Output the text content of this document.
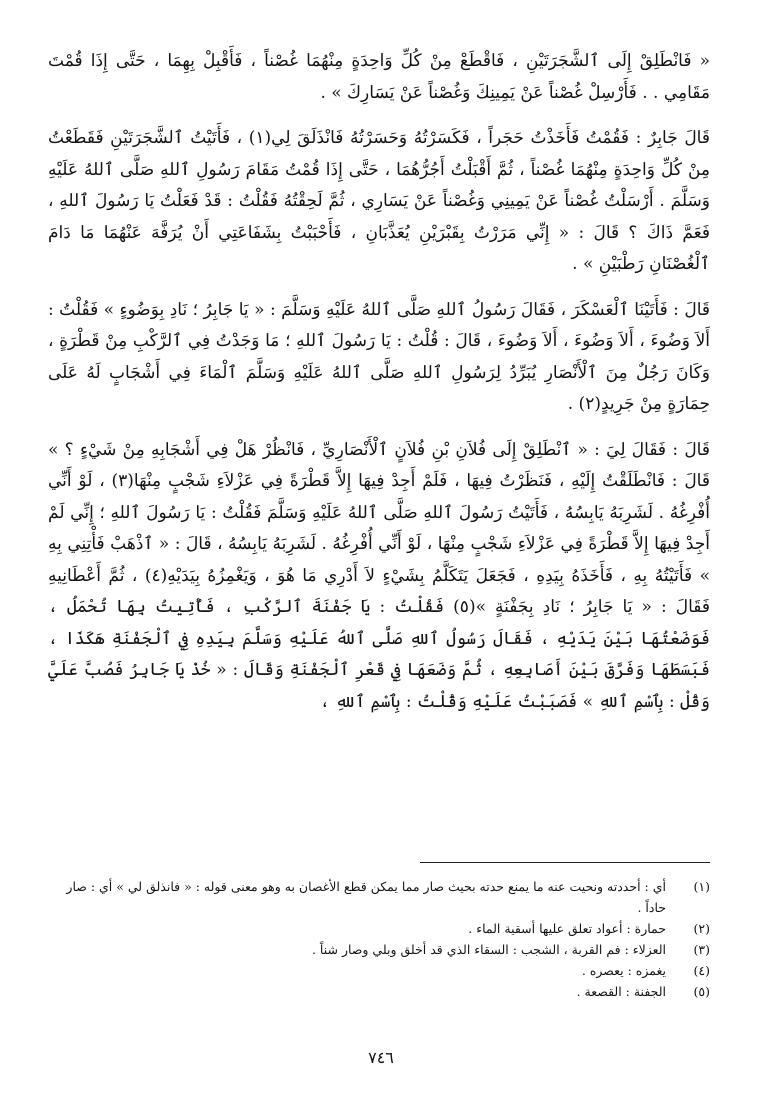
« فَانْطَلِقْ إِلَى ٱلشَّجَرَتَيْنِ ، فَاقْطَعْ مِنْ كُلِّ وَاحِدَةٍ مِنْهُمَا غُصْناً ، فَأَقْبِلْ بِهِمَا ، حَتَّى إِذَا قُمْتَ مَقَامِي . . فَأَرْسِلْ غُصْناً عَنْ يَمِينِكَ وَغُصْناً عَنْ يَسَارِكَ » .

قَالَ جَابِرٌ : فَقُمْتُ فَأَخَذْتُ حَجَراً ، فَكَسَرْتُهُ وَحَسَرْتُهُ فَانْذَلَقَ لِي(١) ، فَأَتَيْتُ ٱلشَّجَرَتَيْنِ فَقَطَعْتُ مِنْ كُلِّ وَاحِدَةٍ مِنْهُمَا غُصْناً ، ثُمَّ أَقْبَلْتُ أَجُرُّهُمَا ، حَتَّى إِذَا قُمْتُ مَقَامَ رَسُولِ ٱللهِ صَلَّى ٱللهُ عَلَيْهِ وَسَلَّمَ . أَرْسَلْتُ غُصْناً عَنْ يَمِينِي وَغُصْناً عَنْ يَسَارِي ، ثُمَّ لَحِقْتُهُ فَقُلْتُ : قَدْ فَعَلْتُ يَا رَسُولَ ٱللهِ ، فَعَمَّ ذَاكَ ؟ قَالَ : « إِنِّي مَرَرْتُ بِقَبْرَيْنِ يُعَذَّبَانِ ، فَأَحْبَبْتُ بِشَفَاعَتِي أَنْ يُرَفَّهَ عَنْهُمَا مَا دَامَ ٱلْغُصْنَانِ رَطْبَيْنِ » .

قَالَ : فَأَتَيْنَا ٱلْعَسْكَرَ ، فَقَالَ رَسُولُ ٱللهِ صَلَّى ٱللهُ عَلَيْهِ وَسَلَّمَ : « يَا جَابِرُ ؛ نَادِ بِوَضُوءٍ » فَقُلْتُ : أَلاَ وَضُوءَ ، أَلاَ وَضُوءَ ، أَلاَ وَضُوءَ ، قَالَ : قُلْتُ : يَا رَسُولَ ٱللهِ ؛ مَا وَجَدْتُ فِي ٱلرَّكْبِ مِنْ قَطْرَةٍ ، وَكَانَ رَجُلٌ مِنَ ٱلْأَنْصَارِ يُبَرِّدُ لِرَسُولِ ٱللهِ صَلَّى ٱللهُ عَلَيْهِ وَسَلَّمَ ٱلْمَاءَ فِي أَشْجَابٍ لَهُ عَلَى حِمَارَةٍ مِنْ جَرِيدٍ(٢) .

قَالَ : فَقَالَ لِيَ : « ٱنْطَلِقْ إِلَى فُلاَنِ بْنِ فُلاَنٍ ٱلْأَنْصَارِيِّ ، فَانْظُرْ هَلْ فِي أَشْجَابِهِ مِنْ شَيْءٍ ؟ » قَالَ : فَانْطَلَقْتُ إِلَيْهِ ، فَنَظَرْتُ فِيهَا ، فَلَمْ أَجِدْ فِيهَا إِلاَّ قَطْرَةً فِي عَزْلاَءِ شَجْبٍ مِنْهَا(٣) ، لَوْ أَنِّي أُفْرِغُهُ . لَشَرِبَهُ يَابِسُهُ ، فَأَتَيْتُ رَسُولَ ٱللهِ صَلَّى ٱللهُ عَلَيْهِ وَسَلَّمَ فَقُلْتُ : يَا رَسُولَ ٱللهِ ؛ إِنِّي لَمْ أَجِدْ فِيهَا إِلاَّ قَطْرَةً فِي عَزْلاَءِ شَجْبٍ مِنْهَا ، لَوْ أَنِّي أُفْرِغُهُ . لَشَرِبَهُ يَابِسُهُ ، قَالَ : « ٱذْهَبْ فَأْتِنِي بِهِ » فَأَتَيْتُهُ بِهِ ، فَأَخَذَهُ بِيَدِهِ ، فَجَعَلَ يَتَكَلَّمُ بِشَيْءٍ لاَ أَدْرِي مَا هُوَ ، وَيَغْمِزُهُ بِيَدَيْهِ(٤) ، ثُمَّ أَعْطَانِيهِ فَقَالَ : « يَا جَابِرُ ؛ نَادِ بِجَفْنَةٍ »(٥) فَقُلْتُ : يَا جَفْنَةَ ٱلرَّكْبِ ، فَأُتِيتُ بِهَا تُحْمَلُ ، فَوَضَعْتُهَا بَيْنَ يَدَيْهِ ، فَقَالَ رَسُولُ ٱللهِ صَلَّى ٱللهُ عَلَيْهِ وَسَلَّمَ بِيَدِهِ فِي ٱلْجَفْنَةِ هَكَذَا ، فَبَسَطَهَا وَفَرَّقَ بَيْنَ أَصَابِعِهِ ، ثُمَّ وَضَعَهَا فِي قَعْرِ ٱلْجَفْنَةِ وَقَالَ : « خُذْ يَا جَابِرُ فَصُبَّ عَلَيَّ وَقُلْ : بِٱسْمِ ٱللهِ » فَصَبَبْتُ عَلَيْهِ وَقُلْتُ : بِٱسْمِ ٱللهِ ،

(١)
أي : أحددته ونحيت عنه ما يمنع حدته بحيث صار مما يمكن قطع الأغصان به وهو معنى قوله : « فانذلق لي » أي : صار حاداً .
(٢)
حمارة : أعواد تعلق عليها أسقية الماء .
(٣)
العزلاء : فم القربة ، الشجب : السقاء الذي قد أخلق وبلي وصار شناً .
(٤)
يغمزه : يعصره .
(٥)
الجفنة : القصعة .
٧٤٦
